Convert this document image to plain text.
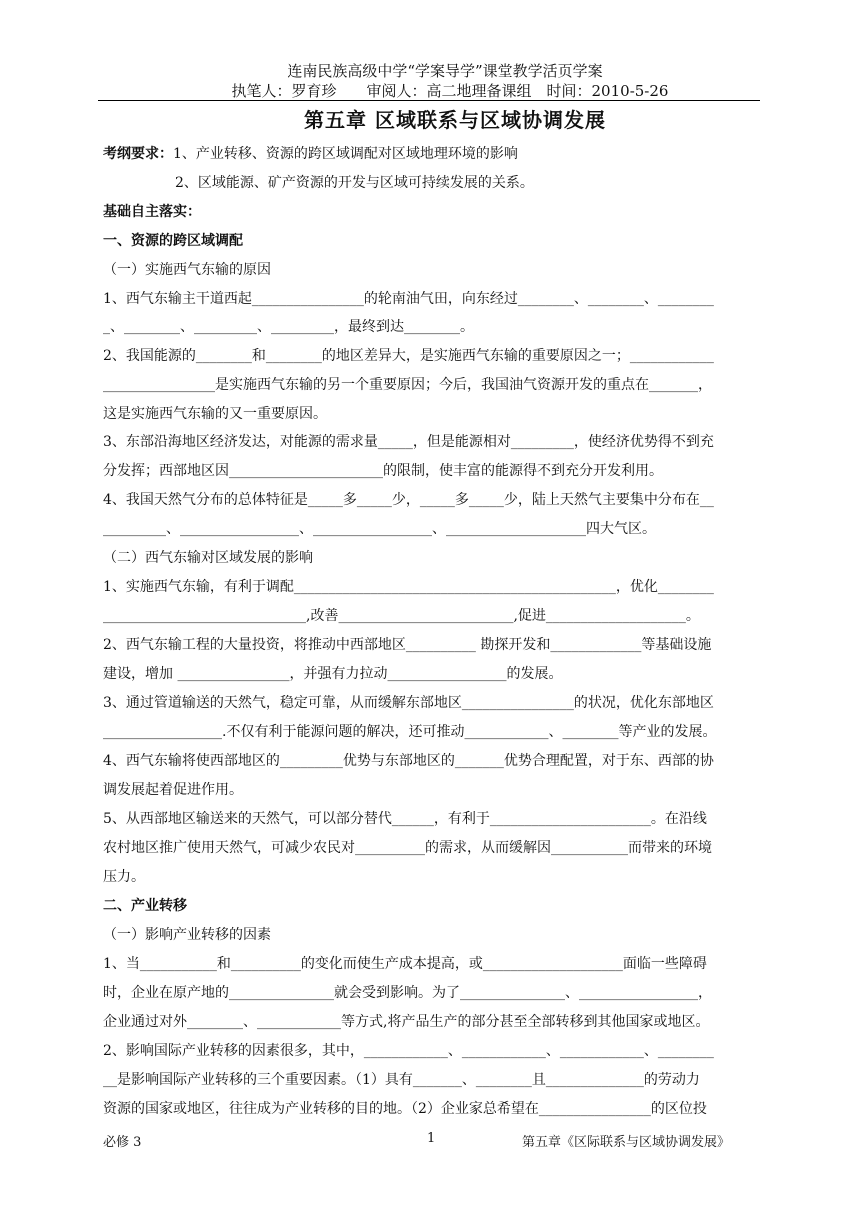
连南民族高级中学“学案导学”课堂教学活页学案
执笔人：罗育珍　　审阅人：高二地理备课组　时间：2010-5-26
第五章 区域联系与区域协调发展
考纲要求：1、产业转移、资源的跨区域调配对区域地理环境的影响
2、区域能源、矿产资源的开发与区域可持续发展的关系。
基础自主落实：
一、资源的跨区域调配
（一）实施西气东输的原因
1、西气东输主干道西起________________的轮南油气田，向东经过________、________、________
_、________、_________、_________，最终到达________。
2、我国能源的________和________的地区差异大，是实施西气东输的重要原因之一；____________
________________是实施西气东输的另一个重要原因；今后，我国油气资源开发的重点在_______，
这是实施西气东输的又一重要原因。
3、东部沿海地区经济发达，对能源的需求量_____，但是能源相对_________，使经济优势得不到充
分发挥；西部地区因______________________的限制，使丰富的能源得不到充分开发利用。
4、我国天然气分布的总体特征是_____多_____少，_____多_____少，陆上天然气主要集中分布在__
_________、_________________、_________________、____________________四大气区。
（二）西气东输对区域发展的影响
1、实施西气东输，有利于调配______________________________________________，优化________
_____________________________,改善_________________________,促进____________________。
2、西气东输工程的大量投资，将推动中西部地区__________ 勘探开发和_____________等基础设施
建设，增加 ________________，并强有力拉动_________________的发展。
3、通过管道输送的天然气，稳定可靠，从而缓解东部地区________________的状况，优化东部地区
_________________.不仅有利于能源问题的解决，还可推动____________、________等产业的发展。
4、西气东输将使西部地区的_________优势与东部地区的_______优势合理配置，对于东、西部的协
调发展起着促进作用。
5、从西部地区输送来的天然气，可以部分替代______，有利于_______________________。在沿线
农村地区推广使用天然气，可减少农民对__________的需求，从而缓解因___________而带来的环境
压力。
二、产业转移
（一）影响产业转移的因素
1、当___________和__________的变化而使生产成本提高，或____________________面临一些障碍
时，企业在原产地的_______________就会受到影响。为了_______________、_________________，
企业通过对外________、____________等方式,将产品生产的部分甚至全部转移到其他国家或地区。
2、影响国际产业转移的因素很多，其中，____________、____________、____________、________
__是影响国际产业转移的三个重要因素。（1）具有_______、________且______________的劳动力
资源的国家或地区，往往成为产业转移的目的地。（2）企业家总希望在________________的区位投
必修 3	1	第五章《区际联系与区域协调发展》
